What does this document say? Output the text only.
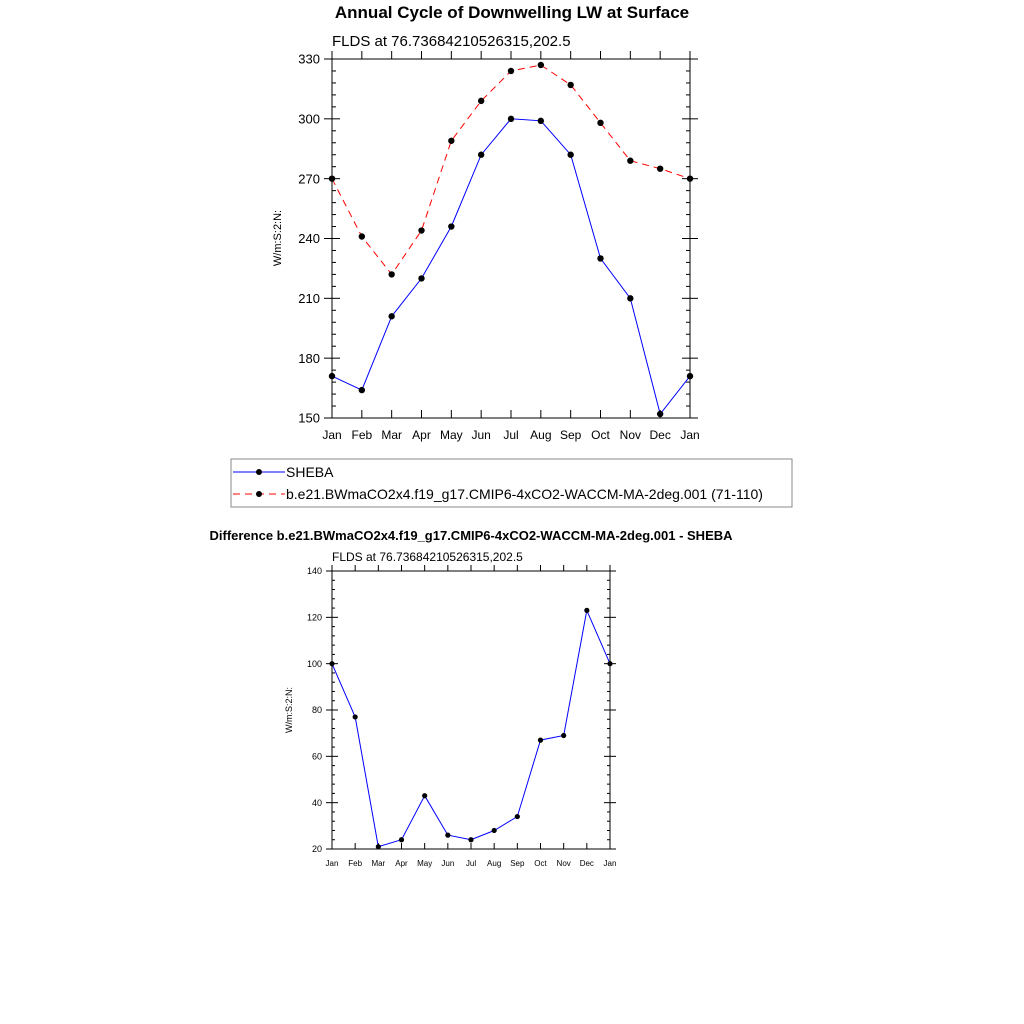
Annual Cycle of Downwelling LW at Surface
FLDS at 76.73684210526315,202.5
W/m:S:2:N:
150
180
210
240
270
300
330
Jan Feb Mar Apr May Jun Jul Aug Sep Oct Nov Dec Jan
SHEBA
b.e21.BWmaCO2x4.f19_g17.CMIP6-4xCO2-WACCM-MA-2deg.001 (71-110)
Difference b.e21.BWmaCO2x4.f19_g17.CMIP6-4xCO2-WACCM-MA-2deg.001 - SHEBA
FLDS at 76.73684210526315,202.5
W/m:S:2:N:
20
40
60
80
100
120
140
Jan Feb Mar Apr May Jun Jul Aug Sep Oct Nov Dec Jan
